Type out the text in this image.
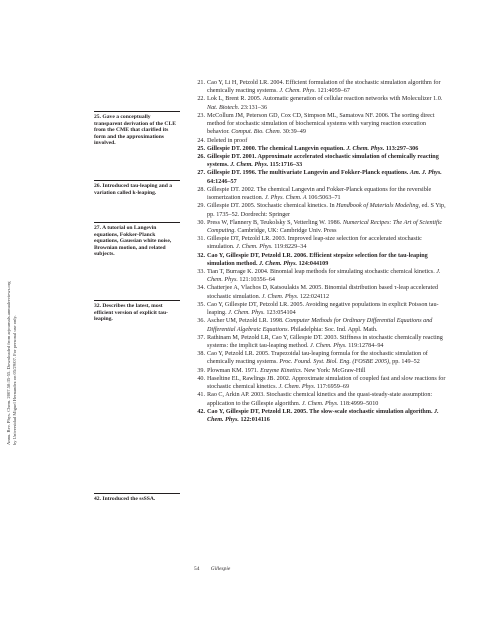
Annu. Rev. Phys. Chem. 2007.58:35-55. Downloaded from arjournals.annualreviews.org by Universidad Miguel Hernandez on 05/29/07. For personal use only.
25. Gave a conceptually transparent derivation of the CLE from the CME that clarified its form and the approximations involved.
26. Introduced tau-leaping and a variation called k-leaping.
27. A tutorial on Langevin equations, Fokker-Planck equations, Gaussian white noise, Brownian motion, and related subjects.
32. Describes the latest, most efficient version of explicit tau-leaping.
42. Introduced the ssSSA.
21. Cao Y, Li H, Petzold LR. 2004. Efficient formulation of the stochastic simulation algorithm for chemically reacting systems. J. Chem. Phys. 121:4059–67
22. Lok L, Brent R. 2005. Automatic generation of cellular reaction networks with Moleculizer 1.0. Nat. Biotech. 23:131–36
23. McCollum JM, Peterson GD, Cox CD, Simpson ML, Samatova NF. 2006. The sorting direct method for stochastic simulation of biochemical systems with varying reaction execution behavior. Comput. Bio. Chem. 30:39–49
24. Deleted in proof
25. Gillespie DT. 2000. The chemical Langevin equation. J. Chem. Phys. 113:297–306
26. Gillespie DT. 2001. Approximate accelerated stochastic simulation of chemically reacting systems. J. Chem. Phys. 115:1716–33
27. Gillespie DT. 1996. The multivariate Langevin and Fokker-Planck equations. Am. J. Phys. 64:1246–57
28. Gillespie DT. 2002. The chemical Langevin and Fokker-Planck equations for the reversible isomerization reaction. J. Phys. Chem. A 106:5063–71
29. Gillespie DT. 2005. Stochastic chemical kinetics. In Handbook of Materials Modeling, ed. S Yip, pp. 1735–52. Dordrecht: Springer
30. Press W, Flannery B, Teukolsky S, Vetterling W. 1986. Numerical Recipes: The Art of Scientific Computing. Cambridge, UK: Cambridge Univ. Press
31. Gillespie DT, Petzold LR. 2003. Improved leap-size selection for accelerated stochastic simulation. J. Chem. Phys. 119:8229–34
32. Cao Y, Gillespie DT, Petzold LR. 2006. Efficient stepsize selection for the tau-leaping simulation method. J. Chem. Phys. 124:044109
33. Tian T, Burrage K. 2004. Binomial leap methods for simulating stochastic chemical kinetics. J. Chem. Phys. 121:10356–64
34. Chatterjee A, Vlachos D, Katsoulakis M. 2005. Binomial distribution based τ-leap accelerated stochastic simulation. J. Chem. Phys. 122:024112
35. Cao Y, Gillespie DT, Petzold LR. 2005. Avoiding negative populations in explicit Poisson tau-leaping. J. Chem. Phys. 123:054104
36. Ascher UM, Petzold LR. 1998. Computer Methods for Ordinary Differential Equations and Differential Algebraic Equations. Philadelphia: Soc. Ind. Appl. Math.
37. Rathinam M, Petzold LR, Cao Y, Gillespie DT. 2003. Stiffness in stochastic chemically reacting systems: the implicit tau-leaping method. J. Chem. Phys. 119:12784–94
38. Cao Y, Petzold LR. 2005. Trapezoidal tau-leaping formula for the stochastic simulation of chemically reacting systems. Proc. Found. Syst. Biol. Eng. (FOSBE 2005), pp. 149–52
39. Plowman KM. 1971. Enzyme Kinetics. New York: McGraw-Hill
40. Haseltine EL, Rawlings JB. 2002. Approximate simulation of coupled fast and slow reactions for stochastic chemical kinetics. J. Chem. Phys. 117:6959–69
41. Rao C, Arkin AP. 2003. Stochastic chemical kinetics and the quasi-steady-state assumption: application to the Gillespie algorithm. J. Chem. Phys. 118:4999–5010
42. Cao Y, Gillespie DT, Petzold LR. 2005. The slow-scale stochastic simulation algorithm. J. Chem. Phys. 122:014116
54 Gillespie
